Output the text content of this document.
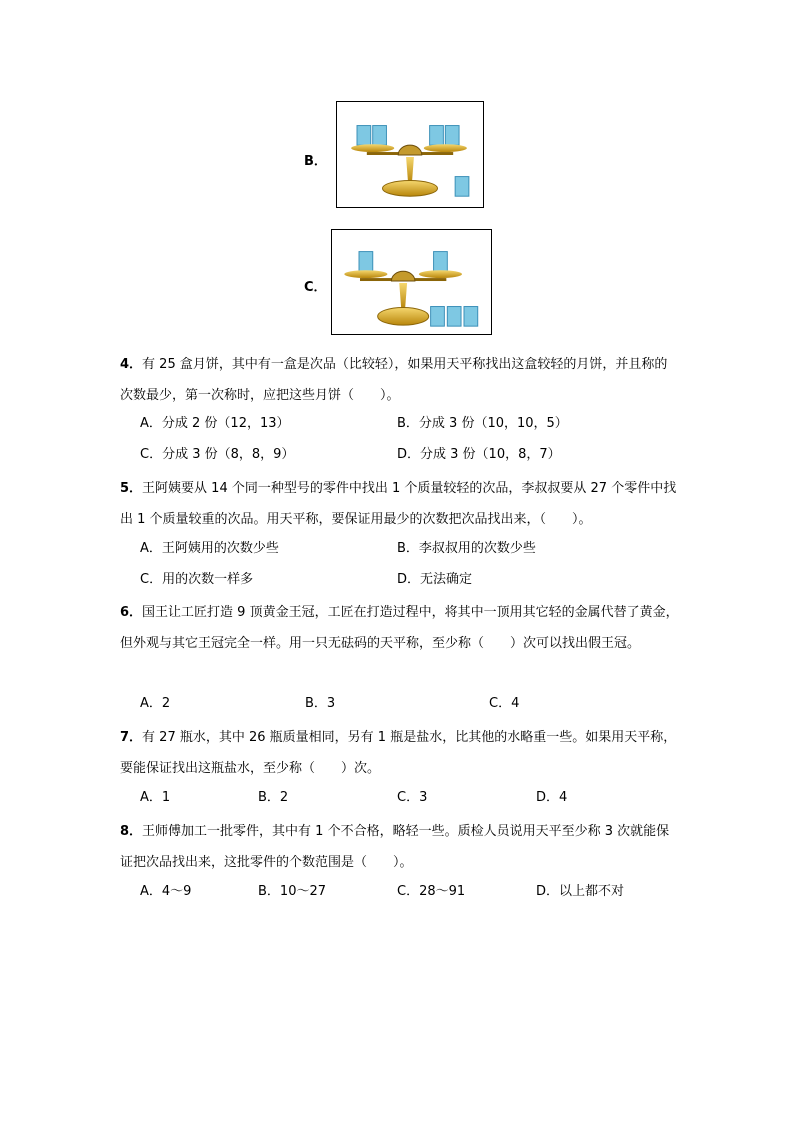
B．
C．
4．有 25 盒月饼，其中有一盒是次品（比较轻），如果用天平称找出这盒较轻的月饼，并且称的次数最少，第一次称时，应把这些月饼（　　）。
A．分成 2 份（12，13）	B．分成 3 份（10，10，5）
C．分成 3 份（8，8，9）	D．分成 3 份（10，8，7）
5．王阿姨要从 14 个同一种型号的零件中找出 1 个质量较轻的次品，李叔叔要从 27 个零件中找出 1 个质量较重的次品。用天平称，要保证用最少的次数把次品找出来，（　　）。
A．王阿姨用的次数少些	B．李叔叔用的次数少些
C．用的次数一样多	D．无法确定
6．国王让工匠打造 9 顶黄金王冠，工匠在打造过程中，将其中一顶用其它轻的金属代替了黄金，但外观与其它王冠完全一样。用一只无砝码的天平称，至少称（　　）次可以找出假王冠。
A．2	B．3	C．4
7．有 27 瓶水，其中 26 瓶质量相同，另有 1 瓶是盐水，比其他的水略重一些。如果用天平称，要能保证找出这瓶盐水，至少称（　　）次。
A．1	B．2	C．3	D．4
8．王师傅加工一批零件，其中有 1 个不合格，略轻一些。质检人员说用天平至少称 3 次就能保证把次品找出来，这批零件的个数范围是（　　）。
A．4～9	B．10～27	C．28～91	D．以上都不对
